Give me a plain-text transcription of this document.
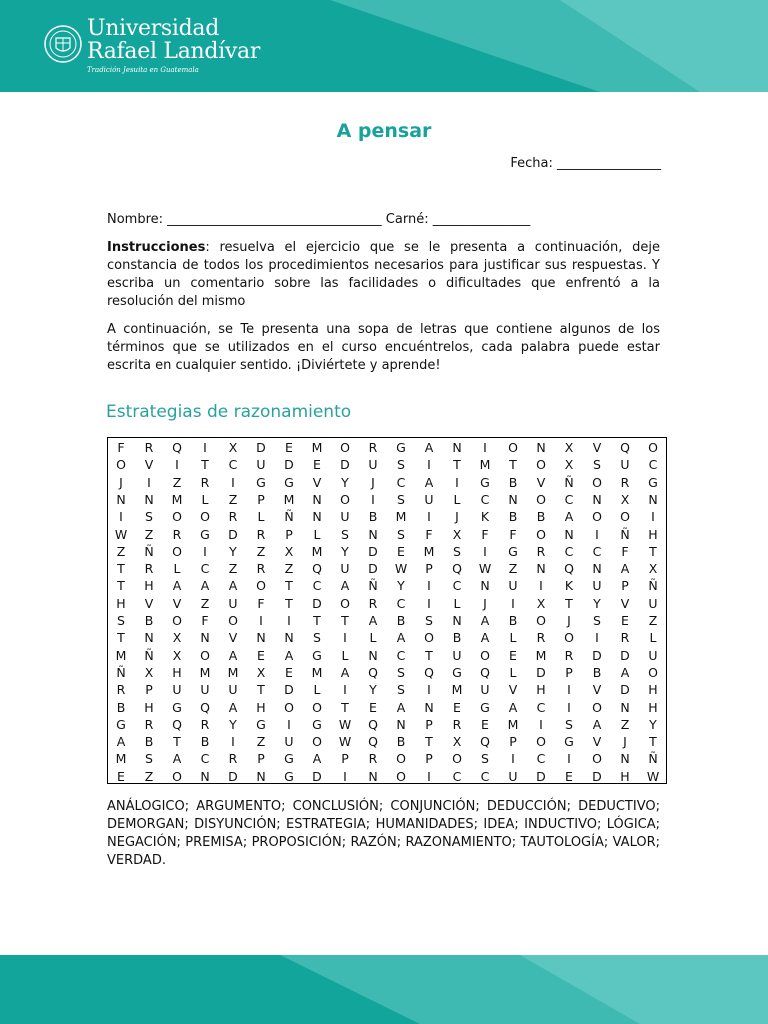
Universidad
Rafael Landívar
Tradición Jesuita en Guatemala
A pensar
Fecha: ________________
Nombre: _________________________________ Carné: _______________
Instrucciones: resuelva el ejercicio que se le presenta a continuación, deje constancia de todos los procedimientos necesarios para justificar sus respuestas. Y escriba un comentario sobre las facilidades o dificultades que enfrentó a la resolución del mismo
A continuación, se Te presenta una sopa de letras que contiene algunos de los términos que se utilizados en el curso encuéntrelos, cada palabra puede estar escrita en cualquier sentido. ¡Diviértete y aprende!
Estrategias de razonamiento
F	R	Q	I	X	D	E	M	O	R	G	A	N	I	O	N	X	V	Q	O
O	V	I	T	C	U	D	E	D	U	S	I	T	M	T	O	X	S	U	C
J	I	Z	R	I	G	G	V	Y	J	C	A	I	G	B	V	Ñ	O	R	G
N	N	M	L	Z	P	M	N	O	I	S	U	L	C	N	O	C	N	X	N
I	S	O	O	R	L	Ñ	N	U	B	M	I	J	K	B	B	A	O	O	I
W	Z	R	G	D	R	P	L	S	N	S	F	X	F	F	O	N	I	Ñ	H
Z	Ñ	O	I	Y	Z	X	M	Y	D	E	M	S	I	G	R	C	C	F	T
T	R	L	C	Z	R	Z	Q	U	D	W	P	Q	W	Z	N	Q	N	A	X
T	H	A	A	A	O	T	C	A	Ñ	Y	I	C	N	U	I	K	U	P	Ñ
H	V	V	Z	U	F	T	D	O	R	C	I	L	J	I	X	T	Y	V	U
S	B	O	F	O	I	I	T	T	A	B	S	N	A	B	O	J	S	E	Z
T	N	X	N	V	N	N	S	I	L	A	O	B	A	L	R	O	I	R	L
M	Ñ	X	O	A	E	A	G	L	N	C	T	U	O	E	M	R	D	D	U
Ñ	X	H	M	M	X	E	M	A	Q	S	Q	G	Q	L	D	P	B	A	O
R	P	U	U	U	T	D	L	I	Y	S	I	M	U	V	H	I	V	D	H
B	H	G	Q	A	H	O	O	T	E	A	N	E	G	A	C	I	O	N	H
G	R	Q	R	Y	G	I	G	W	Q	N	P	R	E	M	I	S	A	Z	Y
A	B	T	B	I	Z	U	O	W	Q	B	T	X	Q	P	O	G	V	J	T
M	S	A	C	R	P	G	A	P	R	O	P	O	S	I	C	I	O	N	Ñ
E	Z	O	N	D	N	G	D	I	N	O	I	C	C	U	D	E	D	H	W
ANÁLOGICO; ARGUMENTO; CONCLUSIÓN; CONJUNCIÓN; DEDUCCIÓN; DEDUCTIVO; DEMORGAN; DISYUNCIÓN; ESTRATEGIA; HUMANIDADES; IDEA; INDUCTIVO; LÓGICA; NEGACIÓN; PREMISA; PROPOSICIÓN; RAZÓN; RAZONAMIENTO; TAUTOLOGÍA; VALOR; VERDAD.
